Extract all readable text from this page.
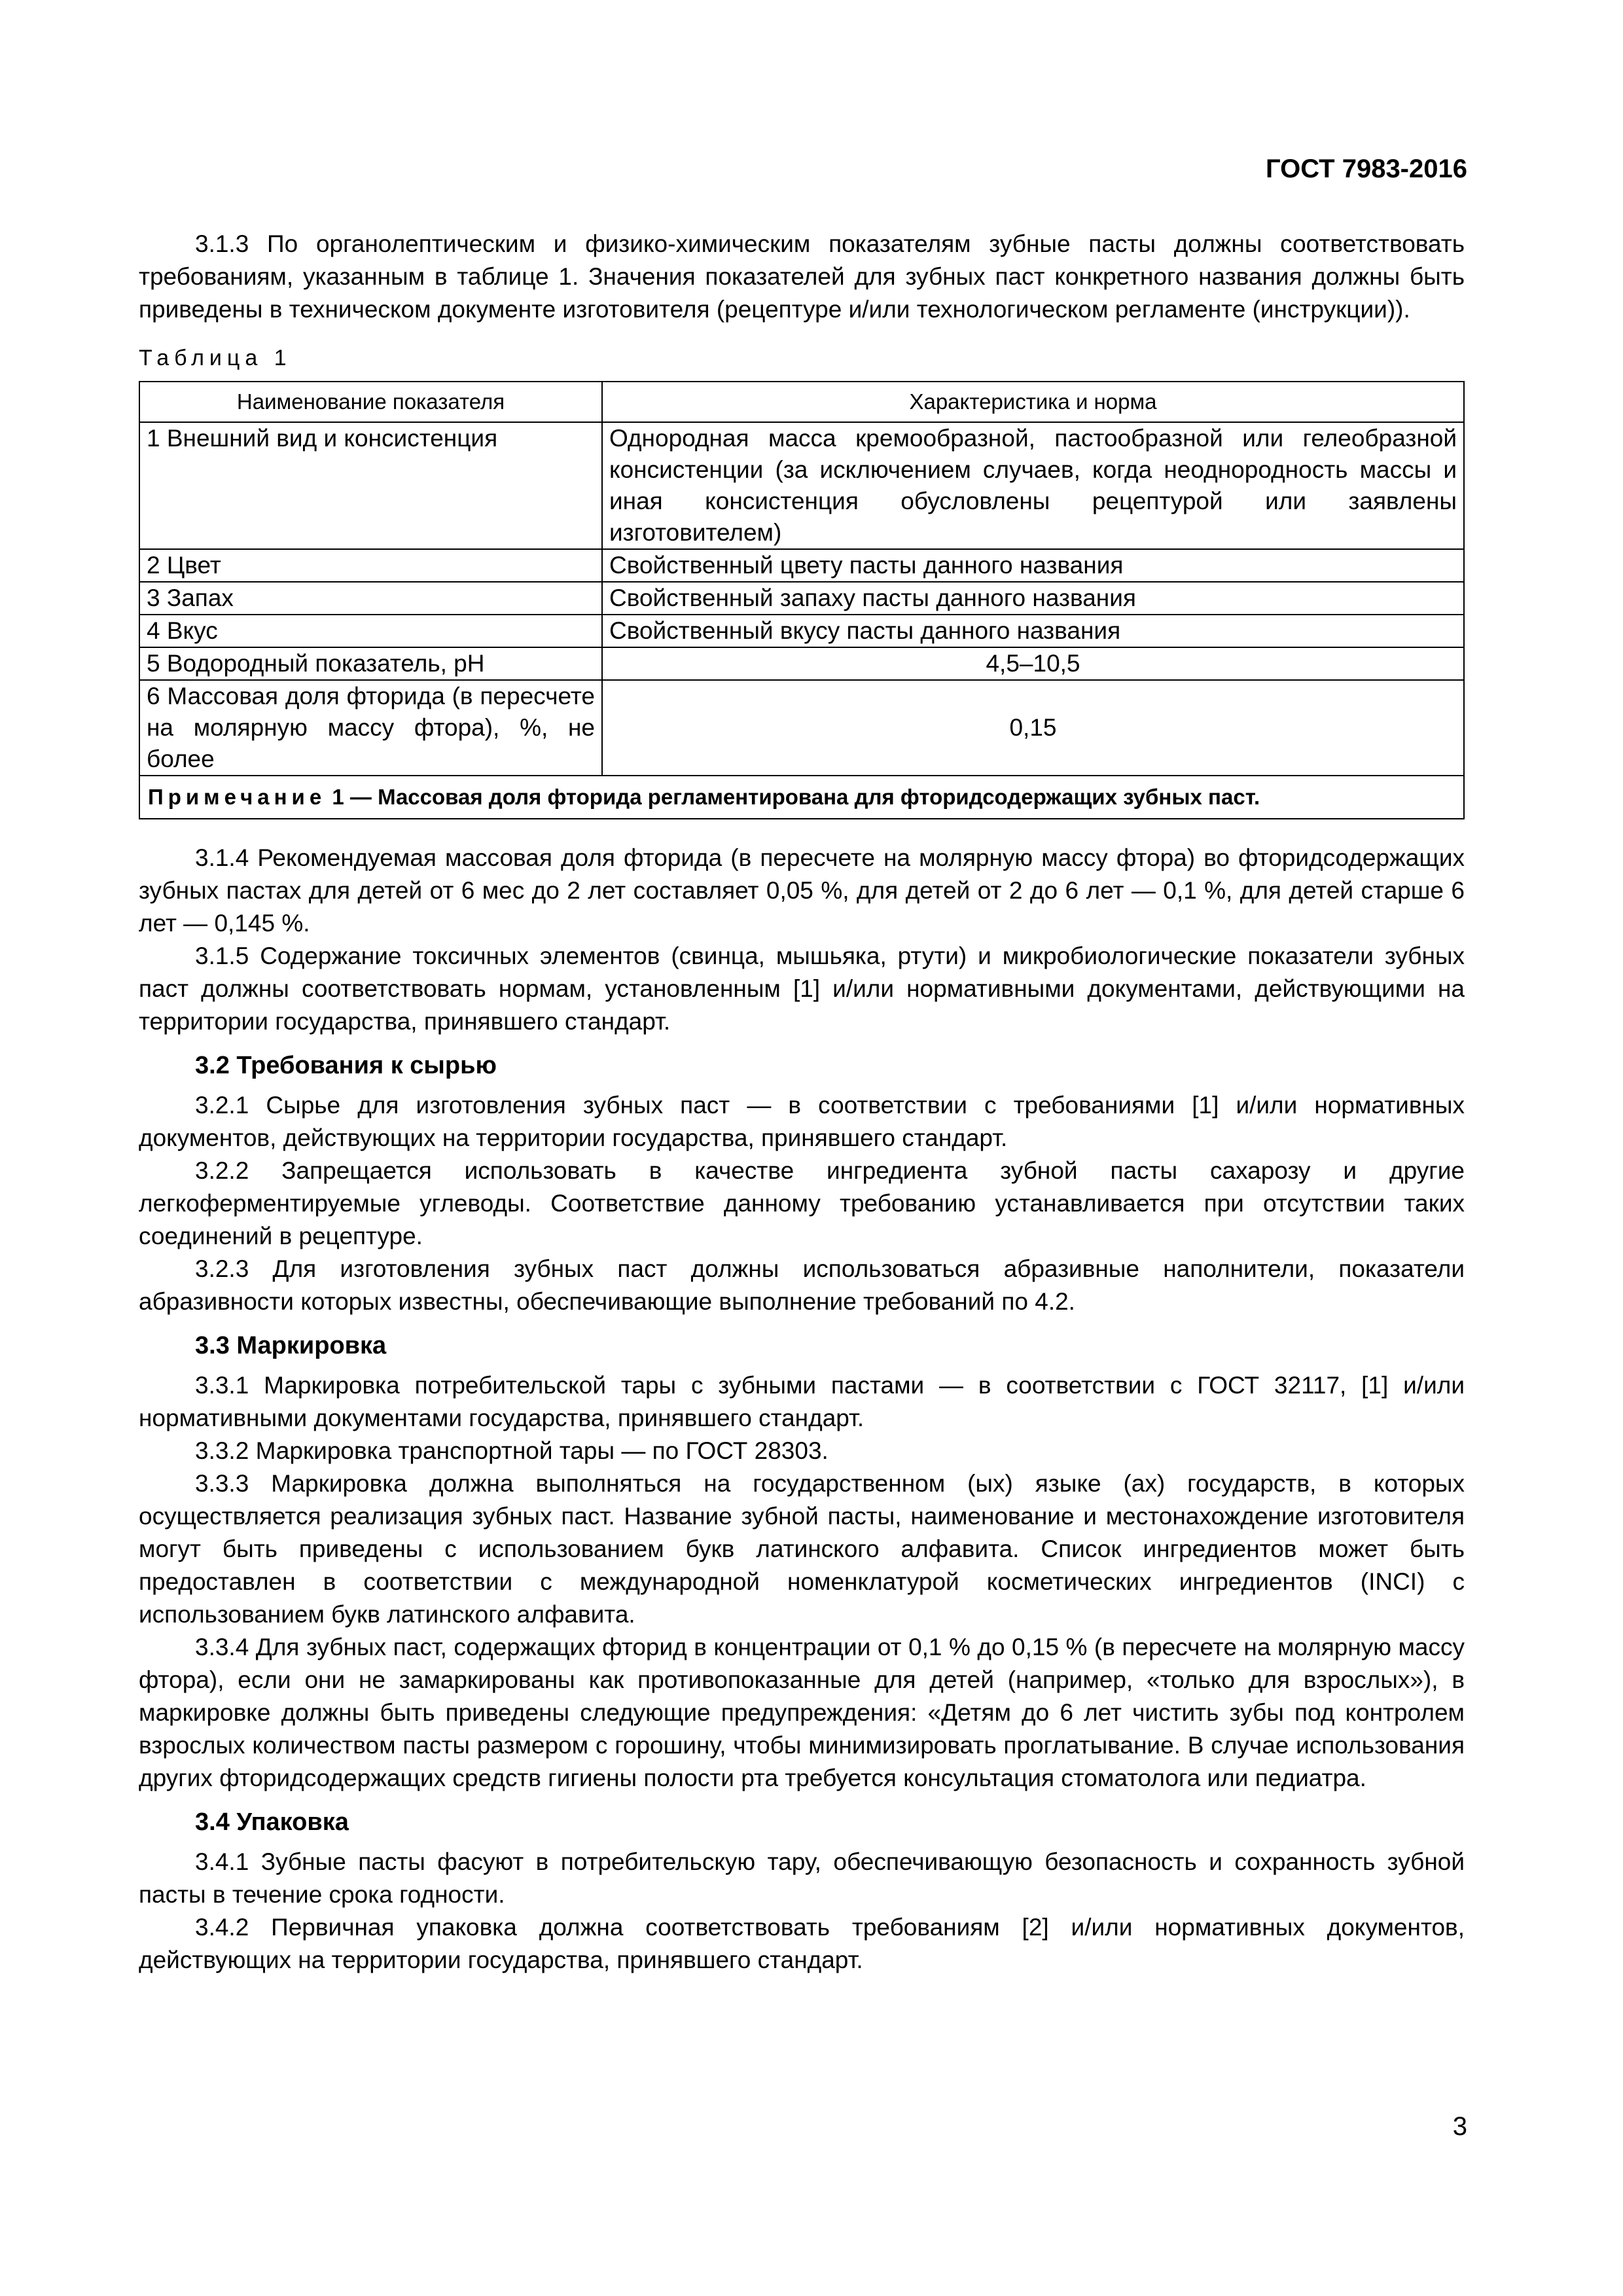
ГОСТ 7983-2016

3.1.3 По органолептическим и физико-химическим показателям зубные пасты должны соответствовать требованиям, указанным в таблице 1. Значения показателей для зубных паст конкретного названия должны быть приведены в техническом документе изготовителя (рецептуре и/или технологическом регламенте (инструкции)).

Таблица 1
Наименование показателя	Характеристика и норма
1 Внешний вид и консистенция	Однородная масса кремообразной, пастообразной или гелеобразной консистенции (за исключением случаев, когда неоднородность массы и иная консистенция обусловлены рецептурой или заявлены изготовителем)
2 Цвет	Свойственный цвету пасты данного названия
3 Запах	Свойственный запаху пасты данного названия
4 Вкус	Свойственный вкусу пасты данного названия
5 Водородный показатель, pH	4,5–10,5
6 Массовая доля фторида (в пересчете на молярную массу фтора), %, не более	0,15
Примечание 1 — Массовая доля фторида регламентирована для фторидсодержащих зубных паст.	

3.1.4 Рекомендуемая массовая доля фторида (в пересчете на молярную массу фтора) во фторидсодержащих зубных пастах для детей от 6 мес до 2 лет составляет 0,05 %, для детей от 2 до 6 лет — 0,1 %, для детей старше 6 лет — 0,145 %.

3.1.5 Содержание токсичных элементов (свинца, мышьяка, ртути) и микробиологические показатели зубных паст должны соответствовать нормам, установленным [1] и/или нормативными документами, действующими на территории государства, принявшего стандарт.

3.2 Требования к сырью

3.2.1 Сырье для изготовления зубных паст — в соответствии с требованиями [1] и/или нормативных документов, действующих на территории государства, принявшего стандарт.

3.2.2 Запрещается использовать в качестве ингредиента зубной пасты сахарозу и другие легкоферментируемые углеводы. Соответствие данному требованию устанавливается при отсутствии таких соединений в рецептуре.

3.2.3 Для изготовления зубных паст должны использоваться абразивные наполнители, показатели абразивности которых известны, обеспечивающие выполнение требований по 4.2.

3.3 Маркировка

3.3.1 Маркировка потребительской тары с зубными пастами — в соответствии с ГОСТ 32117, [1] и/или нормативными документами государства, принявшего стандарт.

3.3.2 Маркировка транспортной тары — по ГОСТ 28303.

3.3.3 Маркировка должна выполняться на государственном (ых) языке (ах) государств, в которых осуществляется реализация зубных паст. Название зубной пасты, наименование и местонахождение изготовителя могут быть приведены с использованием букв латинского алфавита. Список ингредиентов может быть предоставлен в соответствии с международной номенклатурой косметических ингредиентов (INCI) с использованием букв латинского алфавита.

3.3.4 Для зубных паст, содержащих фторид в концентрации от 0,1 % до 0,15 % (в пересчете на молярную массу фтора), если они не замаркированы как противопоказанные для детей (например, «только для взрослых»), в маркировке должны быть приведены следующие предупреждения: «Детям до 6 лет чистить зубы под контролем взрослых количеством пасты размером с горошину, чтобы минимизировать проглатывание. В случае использования других фторидсодержащих средств гигиены полости рта требуется консультация стоматолога или педиатра.

3.4 Упаковка

3.4.1 Зубные пасты фасуют в потребительскую тару, обеспечивающую безопасность и сохранность зубной пасты в течение срока годности.

3.4.2 Первичная упаковка должна соответствовать требованиям [2] и/или нормативных документов, действующих на территории государства, принявшего стандарт.

3
